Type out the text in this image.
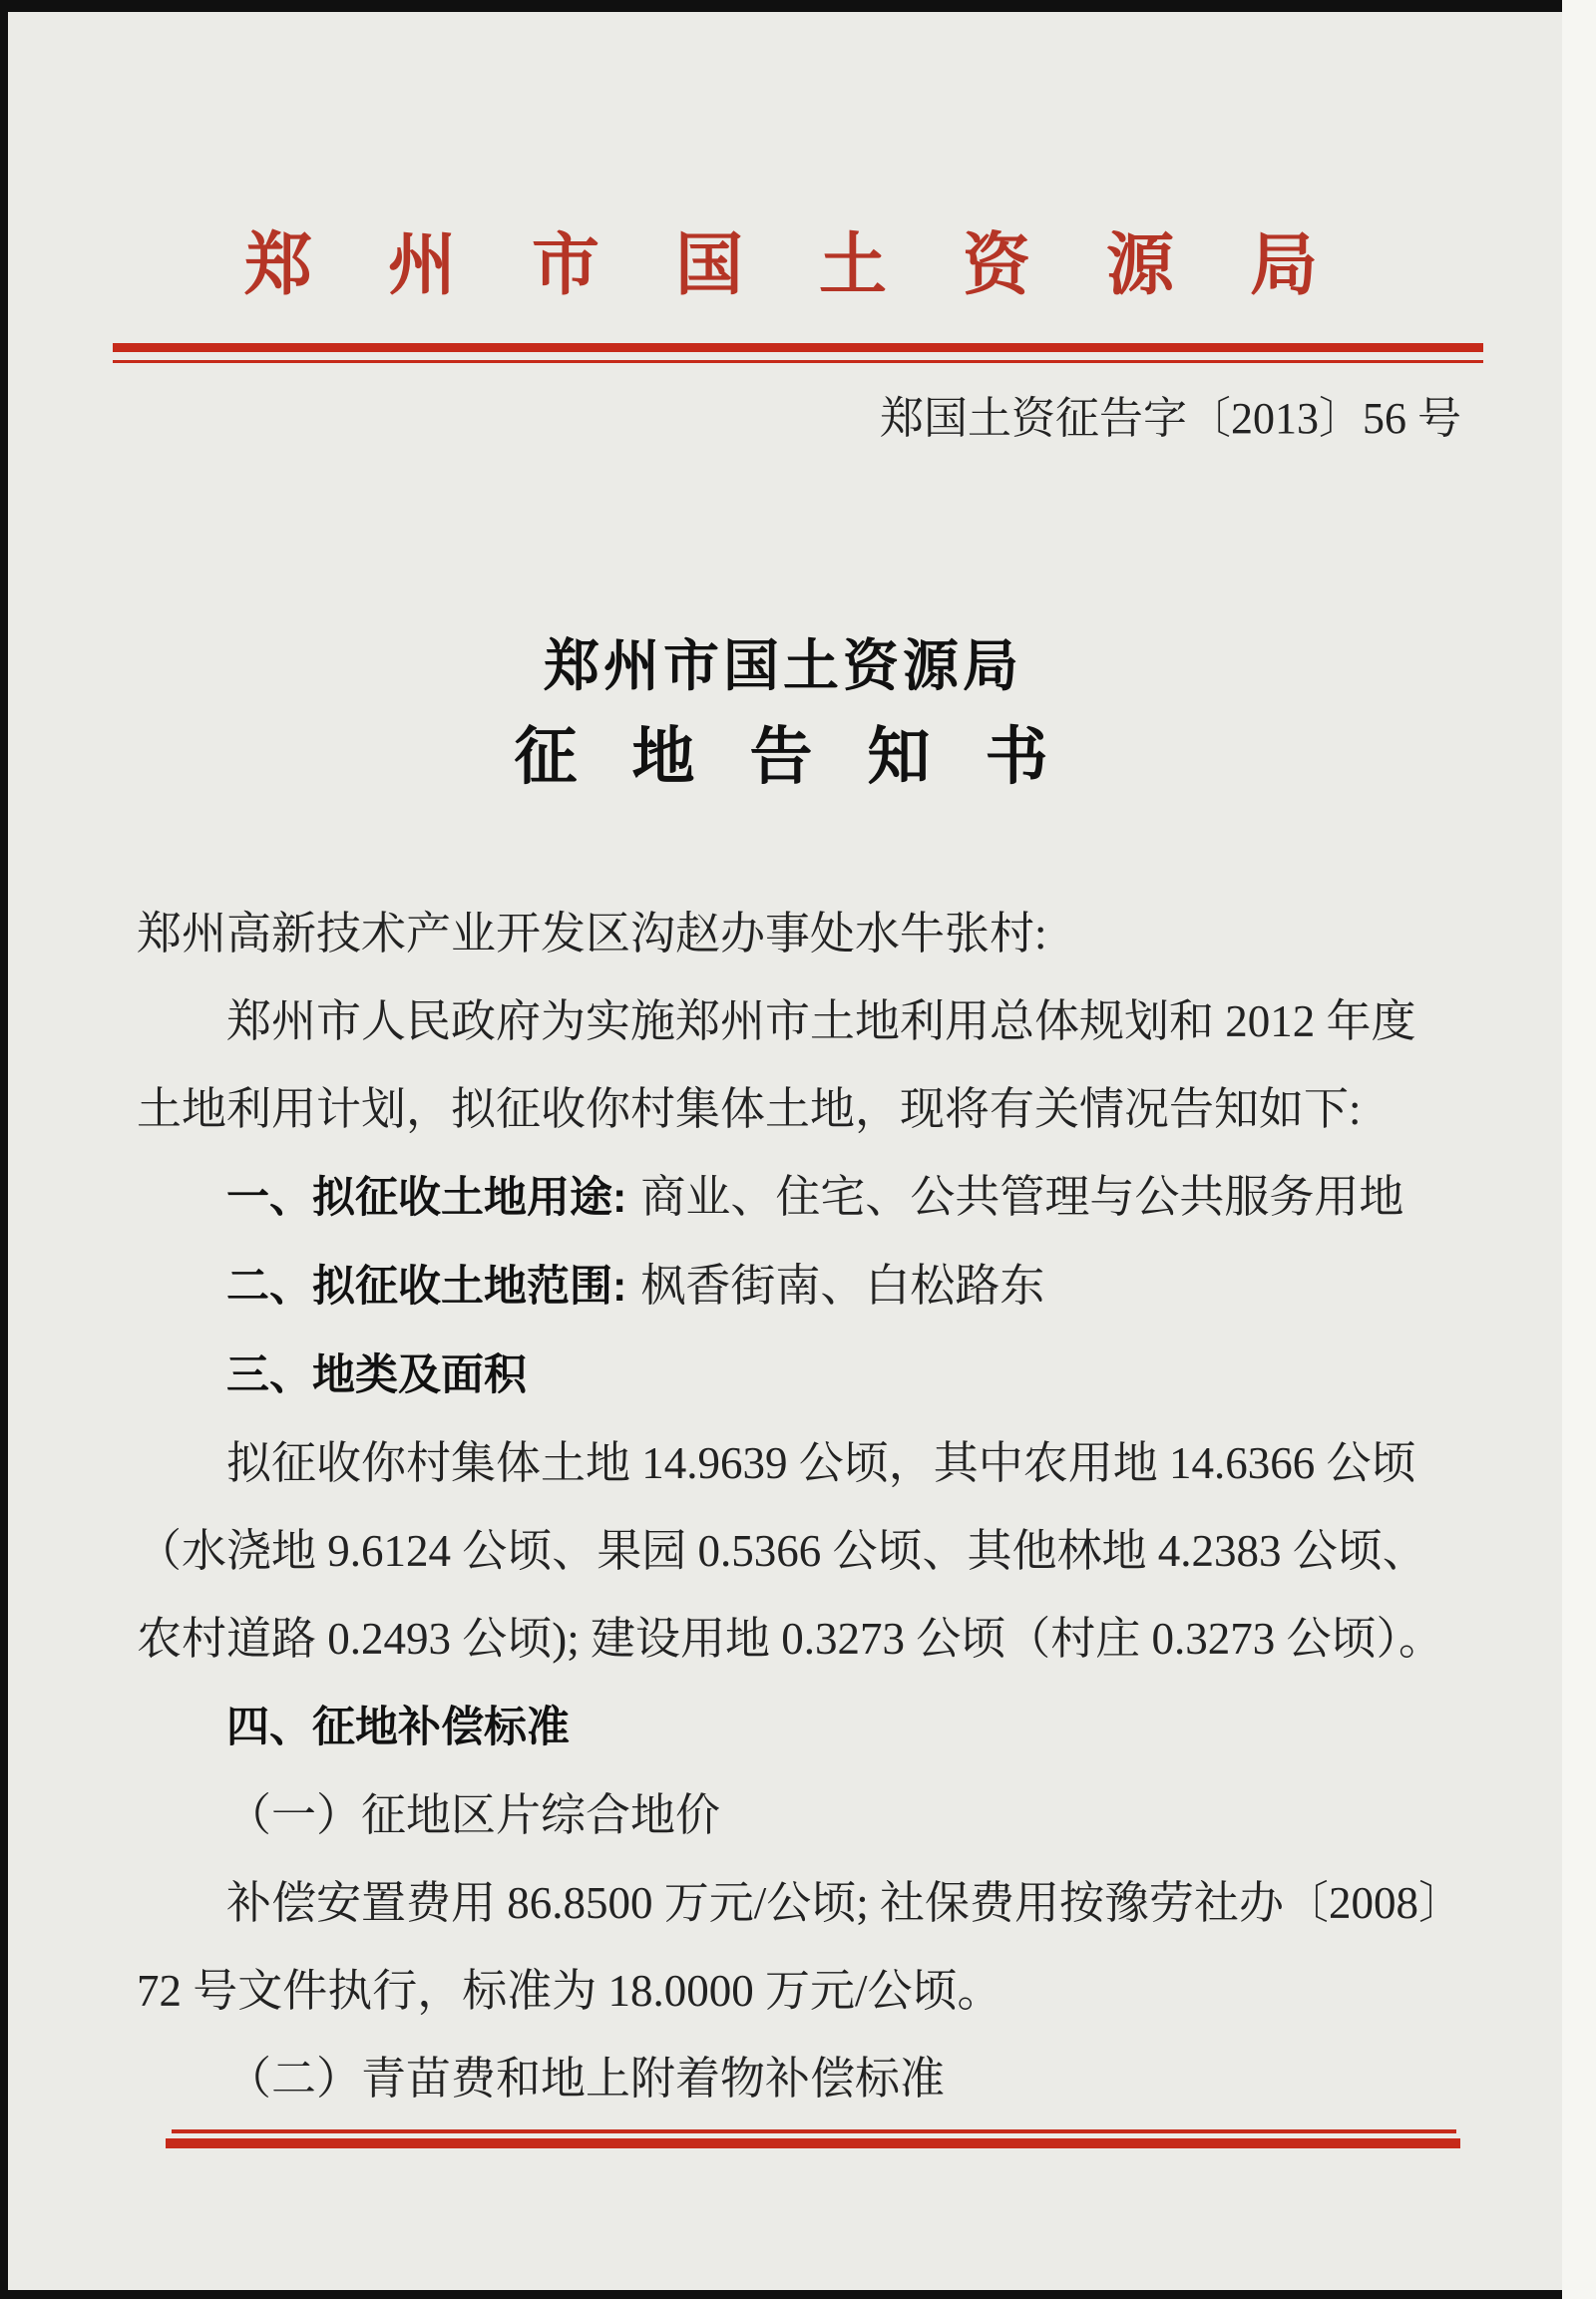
郑州市国土资源局
郑国土资征告字〔2013〕56 号
郑州市国土资源局
征地告知书
郑州高新技术产业开发区沟赵办事处水牛张村:
郑州市人民政府为实施郑州市土地利用总体规划和 2012 年度
土地利用计划，拟征收你村集体土地，现将有关情况告知如下:
一、拟征收土地用途: 商业、住宅、公共管理与公共服务用地
二、拟征收土地范围: 枫香街南、白松路东
三、地类及面积
拟征收你村集体土地 14.9639 公顷，其中农用地 14.6366 公顷
（水浇地 9.6124 公顷、果园 0.5366 公顷、其他林地 4.2383 公顷、
农村道路 0.2493 公顷); 建设用地 0.3273 公顷（村庄 0.3273 公顷）。
四、征地补偿标准
（一）征地区片综合地价
补偿安置费用 86.8500 万元/公顷; 社保费用按豫劳社办〔2008〕
72 号文件执行，标准为 18.0000 万元/公顷。
（二）青苗费和地上附着物补偿标准
